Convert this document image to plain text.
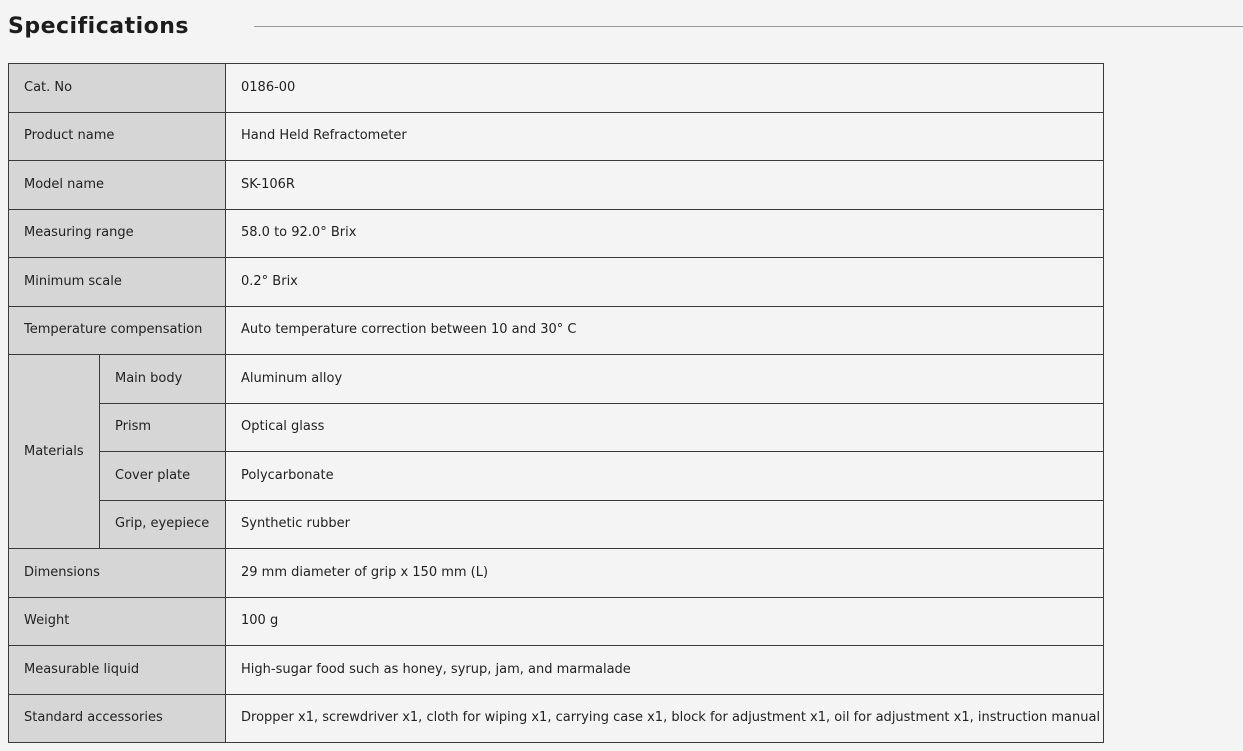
Specifications
Cat. No		0186-00
Product name		Hand Held Refractometer
Model name		SK-106R
Measuring range		58.0 to 92.0° Brix
Minimum scale		0.2° Brix
Temperature compensation		Auto temperature correction between 10 and 30° C
Materials	Main body	Aluminum alloy
	Prism	Optical glass
	Cover plate	Polycarbonate
	Grip, eyepiece	Synthetic rubber
Dimensions		29 mm diameter of grip x 150 mm (L)
Weight		100 g
Measurable liquid		High-sugar food such as honey, syrup, jam, and marmalade
Standard accessories		Dropper x1, screwdriver x1, cloth for wiping x1, carrying case x1, block for adjustment x1, oil for adjustment x1, instruction manual
